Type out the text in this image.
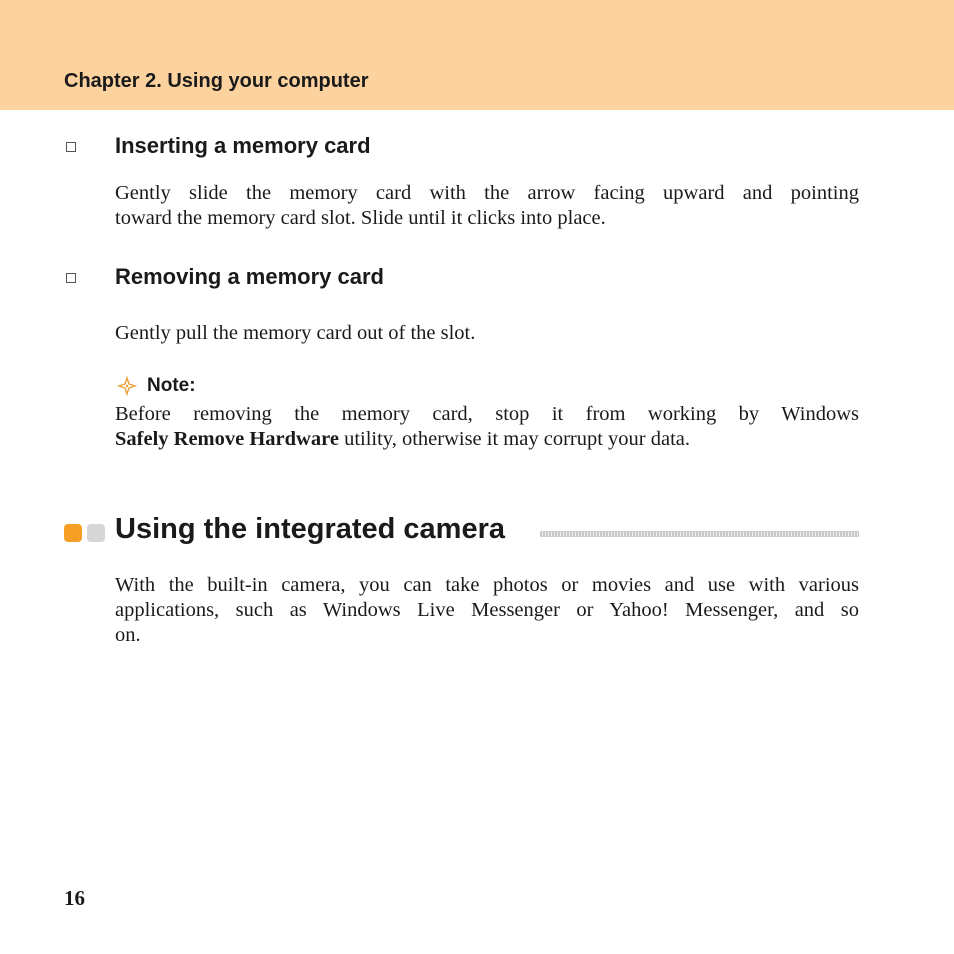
Chapter 2. Using your computer
Inserting a memory card
Gently slide the memory card with the arrow facing upward and pointing
toward the memory card slot. Slide until it clicks into place.
Removing a memory card
Gently pull the memory card out of the slot.
Note:
Before removing the memory card, stop it from working by Windows
Safely Remove Hardware utility, otherwise it may corrupt your data.
Using the integrated camera
With the built-in camera, you can take photos or movies and use with various
applications, such as Windows Live Messenger or Yahoo! Messenger, and so
on.
16
